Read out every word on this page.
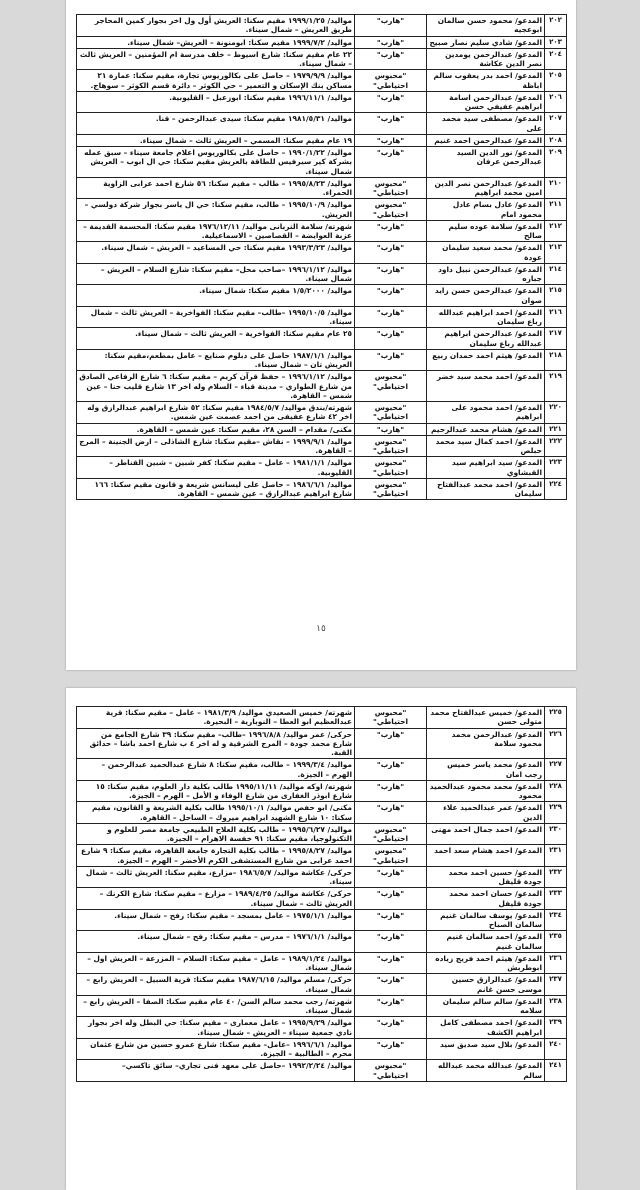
٢٠٢	المدعو/ محمود حسن سالمان ابوعجيه	"هارب"	مواليد/ ١٩٩٩/١/٢٥ مقيم سكنا: العريش أول ول اخر بجوار كمين المحاجر طريق العريش – شمال سيناء.
٢٠٣	المدعو/ شادي سليم نصار صبيح	"هارب"	مواليد/ ١٩٩٩/٧/٢ مقيم سكنا: ابومنونة – العريش– شمال سيناء.
٢٠٤	المدعو/ عبدالرحمن يومدين نصر الدين عكاشة	"هارب"	٢٢ عام مقيم سكنا: شارع اسيوط – خلف مدرسة ام المؤمنين – العريش ثالث – شمال سيناء.
٢٠٥	المدعو/ احمد بدر يعقوب سالم اباظة	"محبوس احتياطي"	مواليد/ ١٩٧٩/٩/٩ – حاصل على بكالوريوس تجارة، مقيم سكنا: عمارة ٢١ مساكن بنك الإسكان و التعمير – حي الكوثر – دائرة قسم الكوثر – سوهاج.
٢٠٦	المدعو/ عبدالرحمن اسامة ابراهيم عفيفي حسن	"هارب"	مواليد/ ١٩٩٦/١١/١ مقيم سكنا: ابوزعبل – القليوبية.
٢٠٧	المدعو/ مصطفى سيد محمد على	"هارب"	مواليد/ ١٩٨١/٥/٣١ مقيم سكنا: سيدى عبدالرحمن – قنا.
٢٠٨	المدعو/ عبدالرحمن احمد غنيم	"هارب"	١٩ عام مقيم سكنا: المسمي – العريش ثالث – شمال سيناء.
٢٠٩	المدعو/ نور الدين السيد عبدالرحمن عرفان	"هارب"	مواليد/ ١٩٩٠/١/٢٢ – حاصل على بكالوريوس اعلام جامعة سيناء – سبق عمله بشركة كير سيرفيس للطاقة بالعريش مقيم سكنا: حي ال ابوب – العريش شمال سيناء.
٢١٠	المدعو/ عبدالرحمن نصر الدين امين محمد ابراهيم	"محبوس احتياطي"	مواليد/ ١٩٩٥/٨/٢٣ – طالب – مقيم سكنا: ٥٦ شارع احمد عرابى الزاوية الحمراء.
٢١١	المدعو/ عادل بسام عادل محمود امام	"محبوس احتياطي"	مواليد/ ١٩٩٥/١٠/٩ – طالب، مقيم سكنا: حي ال ياسر بجوار شركة دولسي – العريش.
٢١٢	المدعو/ سلامة عوده سليم صالح	"هارب"	شهرته/ سلامة التربانى مواليد/ ١٩٧٦/١٢/١١ مقيم سكنا: المحسمة القديمة – عزبة العوايضة – القصاصين – الاسماعيلية.
٢١٣	المدعو/ محمد سعيد سليمان عودة	"هارب"	مواليد/ ١٩٩٣/٣/٢٣ مقيم سكنا: حي المساعيد – العريش – شمال سيناء.
٢١٤	المدعو/ عبدالرحمن نبيل داود جباره	"هارب"	مواليد/ ١٩٩٦/١/١٢ –صاحب محل– مقيم سكنا: شارع السلام – العريش – شمال سيناء.
٢١٥	المدعو/ عبدالرحمن حسن زايد صوان	"هارب"	مواليد/ ١/٥/٢٠٠٠ مقيم سكنا: شمال سيناء.
٢١٦	المدعو/ احمد ابراهيم عبدالله رباع سليمان	"هارب"	مواليد/ ١٩٩٥/١٠/٥ –طالب– مقيم سكنا: الفواخرية – العريش ثالث – شمال سيناء.
٢١٧	المدعو/ عبدالرحمن ابراهيم عبدالله رباع سليمان	"هارب"	٢٥ عام مقيم سكنا: الفواخرية – العريش ثالث – شمال سيناء.
٢١٨	المدعو/ هيثم احمد حمدان ربيع	"هارب"	مواليد/ ١٩٨٧/١/١ حاصل على دبلوم صنايع – عامل بمطعم،مقيم سكنا: العريش تان – شمال سيناء.
٢١٩	المدعو/ احمد محمد سيد خضر	"محبوس احتياطي"	مواليد/ ١٩٩٦/١/١٢ – حفظ قرآن كريم – مقيم سكنا: ٦ شارع الرفاعي الصادق من شارع الطواري – مدينة قباء – السلام وله اخر ١٣ شارع قليب حنا – عين شمس – القاهرة.
٢٢٠	المدعو/ احمد محمود على ابراهيم	"محبوس احتياطي"	شهرته/بندق مواليد/ ١٩٨٤/٥/٧ مقيم سكنا: ٥٢ شارع ابراهيم عبدالرازق وله اخر ٤٢ شارع عفيفى من احمد عصمت عين شمس.
٢٢١	المدعو/ هشام محمد عبدالرحيم	"هارب"	مكنى/ مقدام – السن ٢٨، مقيم سكنا: عين شمس – القاهرة.
٢٢٢	المدعو/ احمد كمال سيد محمد حبلص	"محبوس احتياطي"	مواليد/ ١٩٩٩/٩/١ – نقاش –مقيم سكنا: شارع الشاذلى – ارض الجنينة – المرج – القاهرة.
٢٢٣	المدعو/ سيد ابراهيم سيد القبشاوي	"محبوس احتياطي"	مواليد/ ١٩٨١/١/١ – عامل – مقيم سكنا: كفر شبين – شبين القناطر – القليوبية.
٢٢٤	المدعو/ احمد محمد عبدالفتاح سليمان	"محبوس احتياطي"	مواليد/ ١٩٨٦/٦/١ – حاصل على ليسانس شريعة و قانون مقيم سكنا: ١٦٦ شارع ابراهيم عبدالرازق – عين شمس – القاهرة.
١٥
٢٢٥	المدعو/ خميس عبدالفتاح محمد متولى حسن	"محبوس احتياطي"	شهرته/ خميس الصعيدي مواليد/ ١٩٨١/٣/٩ – عامل – مقيم سكنا: قرية عبدالعظيم ابو العطا – النوبارية – البحيرة.
٢٢٦	المدعو/ عبدالرحمن محمد محمود سلامة	"هارب"	حركى/ عمر مواليد/ ١٩٩٦/٨/٨ –طالب– مقيم سكنا: ٣٩ شارع الجامع من شارع محمد جودة – المرج الشرقية و له اخر ٤ ب شارع احمد باشا – حدائق القبة.
٢٢٧	المدعو/ محمد ياسر خميس رجب امان	"هارب"	مواليد/ ١٩٩٩/٣/٤ – طالب، مقيم سكنا: ٨ شارع عبدالحميد عبدالرحمن – الهرم – الجيزة.
٢٢٨	المدعو/ محمد محمود عبدالحميد محمود	"هارب"	شهرته/ اوكه مواليد/ ١٩٩٥/١١/١١ طالب بكلية دار العلوم، مقيم سكنا: ١٥ شارع ابوذر الغفارى من شارع الوفاء و الأمل – الهرم – الجيزة.
٢٢٩	المدعو/ عمر عبدالحميد علاء الدين	"هارب"	مكنى/ ابو حفص مواليد/ ١٩٩٥/١٠/١ طالب بكلية الشريعة و القانون، مقيم سكنا: ١٠ شارع الشهيد ابراهيم ميروك – الساحل – القاهرة.
٢٣٠	المدعو/ احمد جمال احمد مهنى	"محبوس احتياطي"	مواليد/ ١٩٩٥/٦/٢٧ – طالب بكلية العلاج الطبيعي جامعة مصر للعلوم و التكنولوجيا، مقيم سكنا: ٩١ خفسة الاهرام – الجيزة.
٢٣١	المدعو/ احمد هشام سعد احمد	"محبوس احتياطي"	مواليد/ ١٩٩٥/٨/٢٧ – طالب بكلية التجارة جامعة القاهرة، مقيم سكنا: ٩ شارع احمد عرابى من شارع المستشفى الكرم الأخضر – الهرم – الجيزة.
٢٣٢	المدعو/ حسين احمد محمد جودة قليفل	"هارب"	حركى/ عكاشة مواليد/ ١٩٨٦/٥/٧ –مزارع، مقيم سكنا: العريش ثالث – شمال سيناء.
٢٣٣	المدعو/ حسان احمد محمد جودة قليفل	"هارب"	حركى/ عكاشة مواليد/ ١٩٨٩/٤/٢٥ – مزارع – مقيم سكنا: شارع الكرنك – العريش ثالث – شمال سيناء.
٢٣٤	المدعو/ يوسف سالمان غنيم سالمان الصباح	"هارب"	مواليد/ ١٩٧٥/١/١ – عامل بمسجد – مقيم سكنا: رفح – شمال سيناء.
٢٣٥	المدعو/ احمد سالمان غنيم سالمان غنيم	"هارب"	مواليد/ ١٩٧٦/١/١ – مدرس – مقيم سكنا: رفح – شمال سيناء.
٢٣٦	المدعو/ هيثم احمد فريج زياده ابوطربش	"هارب"	مواليد/ ١٩٨٩/١/٢٤ – عامل – مقيم سكنا: السلام – المزرعة – العريش اول – شمال سيناء.
٢٣٧	المدعو/ عبدالرازق حسين موسى حسن غانم	"هارب"	حركى/ مسلم مواليد/ ١٩٨٧/٦/١٥ مقيم سكنا: قرية السبيل – العريش رابع – شمال سيناء.
٢٣٨	المدعو/ سالم سالم سليمان سلامه	"هارب"	شهرته/ رجب محمد سالم السن/ ٤٠ عام مقيم سكنا: الصفا – العريش رابع – شمال سيناء.
٢٣٩	المدعو/ احمد مصطفى كامل ابراهيم الكشف	"هارب"	مواليد/ ١٩٩٥/٩/٢٩ – عامل معمارى – مقيم سكنا: حي البطل وله اخر بجوار نادي جمعية سيناء – العريش – شمال سيناء.
٢٤٠	المدعو/ بلال سيد صديق سيد	"هارب"	مواليد/ ١٩٩٦/٦/١ –عامل– مقيم سكنا: شارع عمرو حسين من شارع عثمان محرم – الطالبية – الجيزة.
٢٤١	المدعو/ عبدالله محمد عبدالله سالم	"محبوس احتياطي"	مواليد/ ١٩٩٢/٢/٢٤ –حاصل على معهد فنى تجاري– سائق تاكسي–
